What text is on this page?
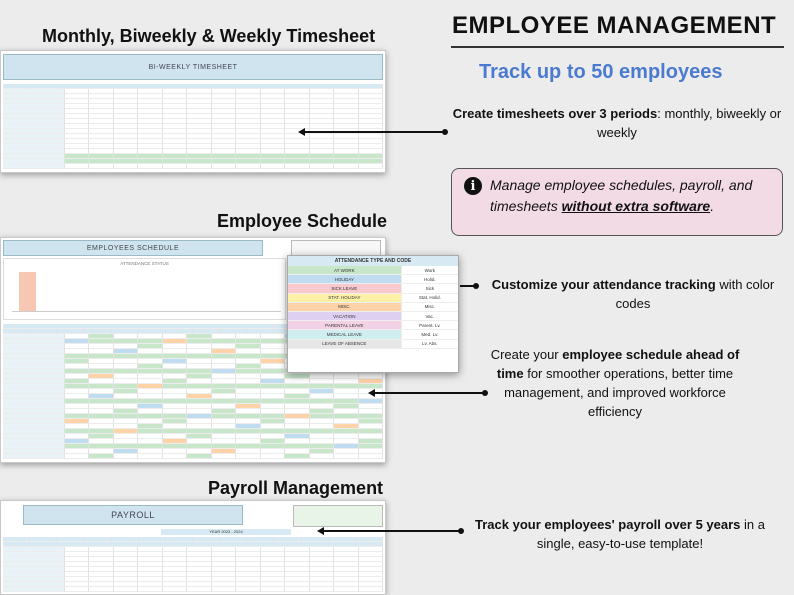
EMPLOYEE MANAGEMENT
Track up to 50 employees
Monthly, Biweekly & Weekly Timesheet
BI-WEEKLY TIMESHEET
Employee Schedule
EMPLOYEES SCHEDULE
ATTENDANCE STATUS	ATTENDANCE TYPE AND CODE
AT WORK	Work
HOLIDAY	Holid.
SICK LEAVE	Sick
STAT. HOLIDAY	Stat. Holid.
MISC.	Misc.
VACATION	Vac.
PARENTAL LEAVE	Parent. Lv.
MEDICAL LEAVE	Med. Lv.
LEAVE OF ABSENCE	Lv. Abs.
Payroll Management
PAYROLL
YEAR 2023 - 2024
Create timesheets over 3 periods: monthly, biweekly or weekly
i	Manage employee schedules, payroll, and timesheets without extra software.
Customize your attendance tracking with color codes
Create your employee schedule ahead of time for smoother operations, better time management, and improved workforce efficiency
Track your employees' payroll over 5 years in a single, easy-to-use template!
